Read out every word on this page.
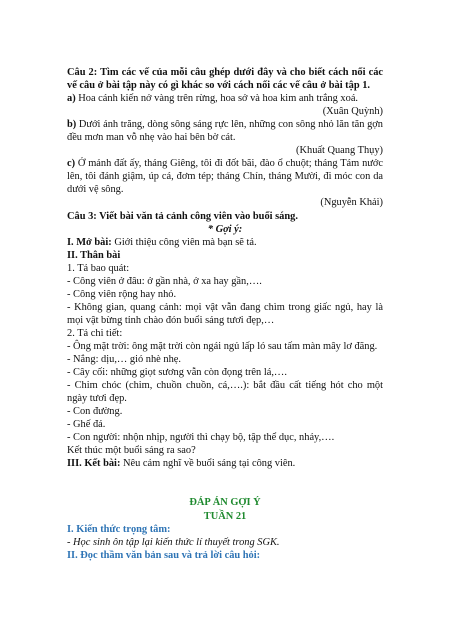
Câu 2: Tìm các vế của mỗi câu ghép dưới đây và cho biết cách nối các vế câu ở bài tập này có gì khác so với cách nối các vế câu ở bài tập 1.

a) Hoa cánh kiến nở vàng trên rừng, hoa sở và hoa kim anh trắng xoá.

(Xuân Quỳnh)

b) Dưới ánh trăng, dòng sông sáng rực lên, những con sông nhỏ lăn tăn gợn đều mơn man vỗ nhẹ vào hai bên bờ cát.

(Khuất Quang Thụy)

c) Ở mảnh đất ấy, tháng Giêng, tôi đi đốt bãi, đào ổ chuột; tháng Tám nước lên, tôi đánh giậm, úp cá, đơm tép; tháng Chín, tháng Mười, đi móc con da dưới vệ sông.

(Nguyễn Khải)

Câu 3: Viết bài văn tả cảnh công viên vào buổi sáng.

* Gợi ý:

I. Mở bài: Giới thiệu công viên mà bạn sẽ tả.

II. Thân bài

1. Tả bao quát:

- Công viên ở đâu: ở gần nhà, ở xa hay gần,….

- Công viên rộng hay nhỏ.

- Không gian, quang cảnh: mọi vật vẫn đang chìm trong giấc ngủ, hay là mọi vật bừng tỉnh chào đón buổi sáng tươi đẹp,…

2. Tả chi tiết:

- Ông mặt trời: ông mặt trời còn ngái ngủ lấp ló sau tấm màn mây lơ đãng.

- Nắng: dịu,… gió nhè nhẹ.

- Cây cối: những giọt sương vẫn còn đọng trên lá,….

- Chim chóc (chim, chuồn chuồn, cá,….): bắt đầu cất tiếng hót cho một ngày tươi đẹp.

- Con đường.

- Ghế đá.

- Con người: nhộn nhịp, người thì chạy bộ, tập thể dục, nhảy,….

Kết thúc một buổi sáng ra sao?

III. Kết bài: Nêu cảm nghĩ về buổi sáng tại công viên.

ĐÁP ÁN GỢI Ý

TUẦN 21

I. Kiến thức trọng tâm:

- Học sinh ôn tập lại kiến thức lí thuyết trong SGK.

II. Đọc thầm văn bản sau và trả lời câu hỏi:
